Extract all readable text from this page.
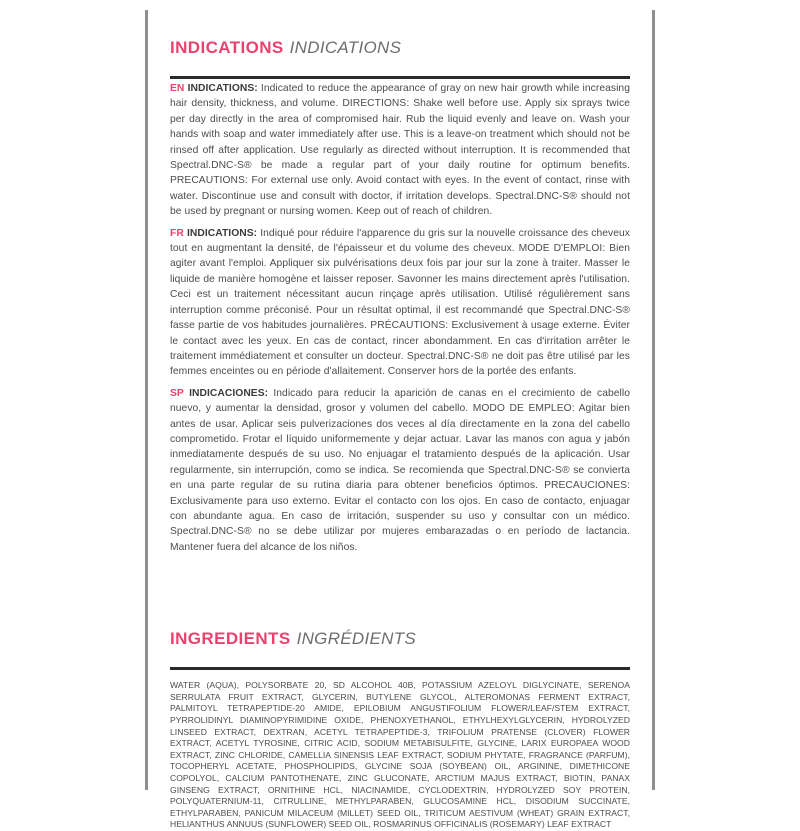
INDICATIONS INDICATIONS

EN INDICATIONS: Indicated to reduce the appearance of gray on new hair growth while increasing hair density, thickness, and volume. DIRECTIONS: Shake well before use. Apply six sprays twice per day directly in the area of compromised hair. Rub the liquid evenly and leave on. Wash your hands with soap and water immediately after use. This is a leave-on treatment which should not be rinsed off after application. Use regularly as directed without interruption. It is recommended that Spectral.DNC-S® be made a regular part of your daily routine for optimum benefits. PRECAUTIONS: For external use only. Avoid contact with eyes. In the event of contact, rinse with water. Discontinue use and consult with doctor, if irritation develops. Spectral.DNC-S® should not be used by pregnant or nursing women. Keep out of reach of children.

FR INDICATIONS: Indiqué pour réduire l'apparence du gris sur la nouvelle croissance des cheveux tout en augmentant la densité, de l'épaisseur et du volume des cheveux. MODE D'EMPLOI: Bien agiter avant l'emploi. Appliquer six pulvérisations deux fois par jour sur la zone à traiter. Masser le liquide de manière homogène et laisser reposer. Savonner les mains directement après l'utilisation. Ceci est un traitement nécessitant aucun rinçage après utilisation. Utilisé régulièrement sans interruption comme préconisé. Pour un résultat optimal, il est recommandé que Spectral.DNC-S® fasse partie de vos habitudes journalières. PRÉCAUTIONS: Exclusivement à usage externe. Éviter le contact avec les yeux. En cas de contact, rincer abondamment. En cas d'irritation arrêter le traitement immédiatement et consulter un docteur. Spectral.DNC-S® ne doit pas être utilisé par les femmes enceintes ou en période d'allaitement. Conserver hors de la portée des enfants.

SP INDICACIONES: Indicado para reducir la aparición de canas en el crecimiento de cabello nuevo, y aumentar la densidad, grosor y volumen del cabello. MODO DE EMPLEO: Agitar bien antes de usar. Aplicar seis pulverizaciones dos veces al día directamente en la zona del cabello comprometido. Frotar el líquido uniformemente y dejar actuar. Lavar las manos con agua y jabón inmediatamente después de su uso. No enjuagar el tratamiento después de la aplicación. Usar regularmente, sin interrupción, como se indica. Se recomienda que Spectral.DNC-S® se convierta en una parte regular de su rutina diaria para obtener beneficios óptimos. PRECAUCIONES: Exclusivamente para uso externo. Evitar el contacto con los ojos. En caso de contacto, enjuagar con abundante agua. En caso de irritación, suspender su uso y consultar con un médico. Spectral.DNC-S® no se debe utilizar por mujeres embarazadas o en período de lactancia. Mantener fuera del alcance de los niños.

INGREDIENTS INGRÉDIENTS
WATER (AQUA), POLYSORBATE 20, SD ALCOHOL 40B, POTASSIUM AZELOYL DIGLYCINATE, SERENOA SERRULATA FRUIT EXTRACT, GLYCERIN, BUTYLENE GLYCOL, ALTEROMONAS FERMENT EXTRACT, PALMITOYL TETRAPEPTIDE-20 AMIDE, EPILOBIUM ANGUSTIFOLIUM FLOWER/LEAF/STEM EXTRACT, PYRROLIDINYL DIAMINOPYRIMIDINE OXIDE, PHENOXYETHANOL, ETHYLHEXYLGLYCERIN, HYDROLYZED LINSEED EXTRACT, DEXTRAN, ACETYL TETRAPEPTIDE-3, TRIFOLIUM PRATENSE (CLOVER) FLOWER EXTRACT, ACETYL TYROSINE, CITRIC ACID, SODIUM METABISULFITE, GLYCINE, LARIX EUROPAEA WOOD EXTRACT, ZINC CHLORIDE, CAMELLIA SINENSIS LEAF EXTRACT, SODIUM PHYTATE, FRAGRANCE (PARFUM), TOCOPHERYL ACETATE, PHOSPHOLIPIDS, GLYCINE SOJA (SOYBEAN) OIL, ARGININE, DIMETHICONE COPOLYOL, CALCIUM PANTOTHENATE, ZINC GLUCONATE, ARCTIUM MAJUS EXTRACT, BIOTIN, PANAX GINSENG EXTRACT, ORNITHINE HCL, NIACINAMIDE, CYCLODEXTRIN, HYDROLYZED SOY PROTEIN, POLYQUATERNIUM-11, CITRULLINE, METHYLPARABEN, GLUCOSAMINE HCL, DISODIUM SUCCINATE, ETHYLPARABEN, PANICUM MILACEUM (MILLET) SEED OIL, TRITICUM AESTIVUM (WHEAT) GRAIN EXTRACT, HELIANTHUS ANNUUS (SUNFLOWER) SEED OIL, ROSMARINUS OFFICINALIS (ROSEMARY) LEAF EXTRACT
